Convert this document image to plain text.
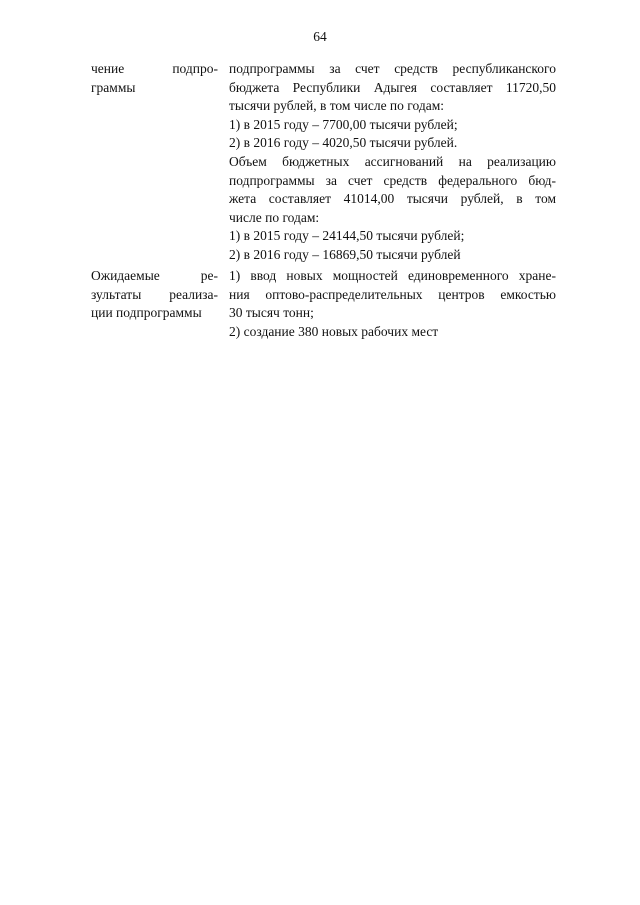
64
чение	подпро-
граммы
подпрограммы за счет средств республиканского
бюджета Республики Адыгея составляет 11720,50
тысячи рублей, в том числе по годам:
1) в 2015 году – 7700,00 тысячи рублей;
2) в 2016 году – 4020,50 тысячи рублей.
Объем бюджетных ассигнований на реализацию
подпрограммы за счет средств федерального бюд-
жета составляет 41014,00 тысячи рублей, в том
числе по годам:
1) в 2015 году – 24144,50 тысячи рублей;
2) в 2016 году – 16869,50 тысячи рублей
Ожидаемые	ре-
зультаты реализа-
ции подпрограммы
1) ввод новых мощностей единовременного хране-
ния оптово-распределительных центров емкостью
30 тысяч тонн;
2) создание 380 новых рабочих мест
